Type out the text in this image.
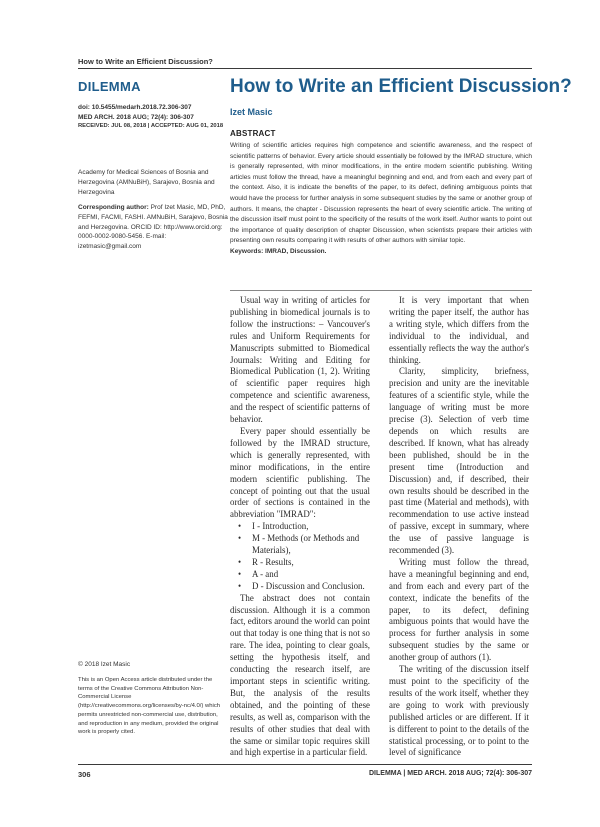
How to Write an Efficient Discussion?
DILEMMA	How to Write an Efficient Discussion?
Izet Masic
doi: 10.5455/medarh.2018.72.306-307
MED ARCH. 2018 AUG; 72(4): 306-307
RECEIVED: JUL 08, 2018 | ACCEPTED: AUG 01, 2018
ABSTRACT
Writing of scientific articles requires high competence and scientific awareness, and the respect of scientific patterns of behavior. Every article should essentially be followed by the IMRAD structure, which is generally represented, with minor modifications, in the entire modern scientific publishing. Writing articles must follow the thread, have a meaningful beginning and end, and from each and every part of the context. Also, it is indicate the benefits of the paper, to its defect, defining ambiguous points that would have the process for further analysis in some subsequent studies by the same or another group of authors. It means, the chapter - Discussion represents the heart of every scientific article. The writing of the discussion itself must point to the specificity of the results of the work itself. Author wants to point out the importance of quality description of chapter Discussion, when scientists prepare their articles with presenting own results comparing it with results of other authors with similar topic.
Keywords: IMRAD, Discussion.
Academy for Medical Sciences of Bosnia and Herzegovina (AMNuBiH), Sarajevo, Bosnia and Herzegovina
Corresponding author: Prof Izet Masic, MD, PhD, FEFMI, FACMI, FASHI. AMNuBiH, Sarajevo, Bosnia and Herzegovina. ORCID ID: http://www.orcid.org: 0000-0002-9080-5456. E-mail: izetmasic@gmail.com

Usual way in writing of articles for publishing in biomedical journals is to follow the instructions: – Vancouver's rules and Uniform Requirements for Manuscripts submitted to Biomedical Journals: Writing and Editing for Biomedical Publication (1, 2). Writing of scientific paper requires high competence and scientific awareness, and the respect of scientific patterns of behavior.

Every paper should essentially be followed by the IMRAD structure, which is generally represented, with minor modifications, in the entire modern scientific publishing. The concept of pointing out that the usual order of sections is contained in the abbreviation "IMRAD":

• I - Introduction,
• M - Methods (or Methods and Materials),
• R - Results,
• A - and
• D - Discussion and Conclusion.

The abstract does not contain discussion. Although it is a common fact, editors around the world can point out that today is one thing that is not so rare. The idea, pointing to clear goals, setting the hypothesis itself, and conducting the research itself, are important steps in scientific writing. But, the analysis of the results obtained, and the pointing of these results, as well as, comparison with the results of other studies that deal with the same or similar topic requires skill and high expertise in a particular field.

It is very important that when writing the paper itself, the author has a writing style, which differs from the individual to the individual, and essentially reflects the way the author's thinking.

Clarity, simplicity, briefness, precision and unity are the inevitable features of a scientific style, while the language of writing must be more precise (3). Selection of verb time depends on which results are described. If known, what has already been published, should be in the present time (Introduction and Discussion) and, if described, their own results should be described in the past time (Material and methods), with recommendation to use active instead of passive, except in summary, where the use of passive language is recommended (3).

Writing must follow the thread, have a meaningful beginning and end, and from each and every part of the context, indicate the benefits of the paper, to its defect, defining ambiguous points that would have the process for further analysis in some subsequent studies by the same or another group of authors (1).

The writing of the discussion itself must point to the specificity of the results of the work itself, whether they are going to work with previously published articles or are different. If it is different to point to the details of the statistical processing, or to point to the level of significance

© 2018 Izet Masic
This is an Open Access article distributed under the terms of the Creative Commons Attribution Non-Commercial License (http://creativecommons.org/licenses/by-nc/4.0/) which permits unrestricted non-commercial use, distribution, and reproduction in any medium, provided the original work is properly cited.
306	DILEMMA | MED ARCH. 2018 AUG; 72(4): 306-307
